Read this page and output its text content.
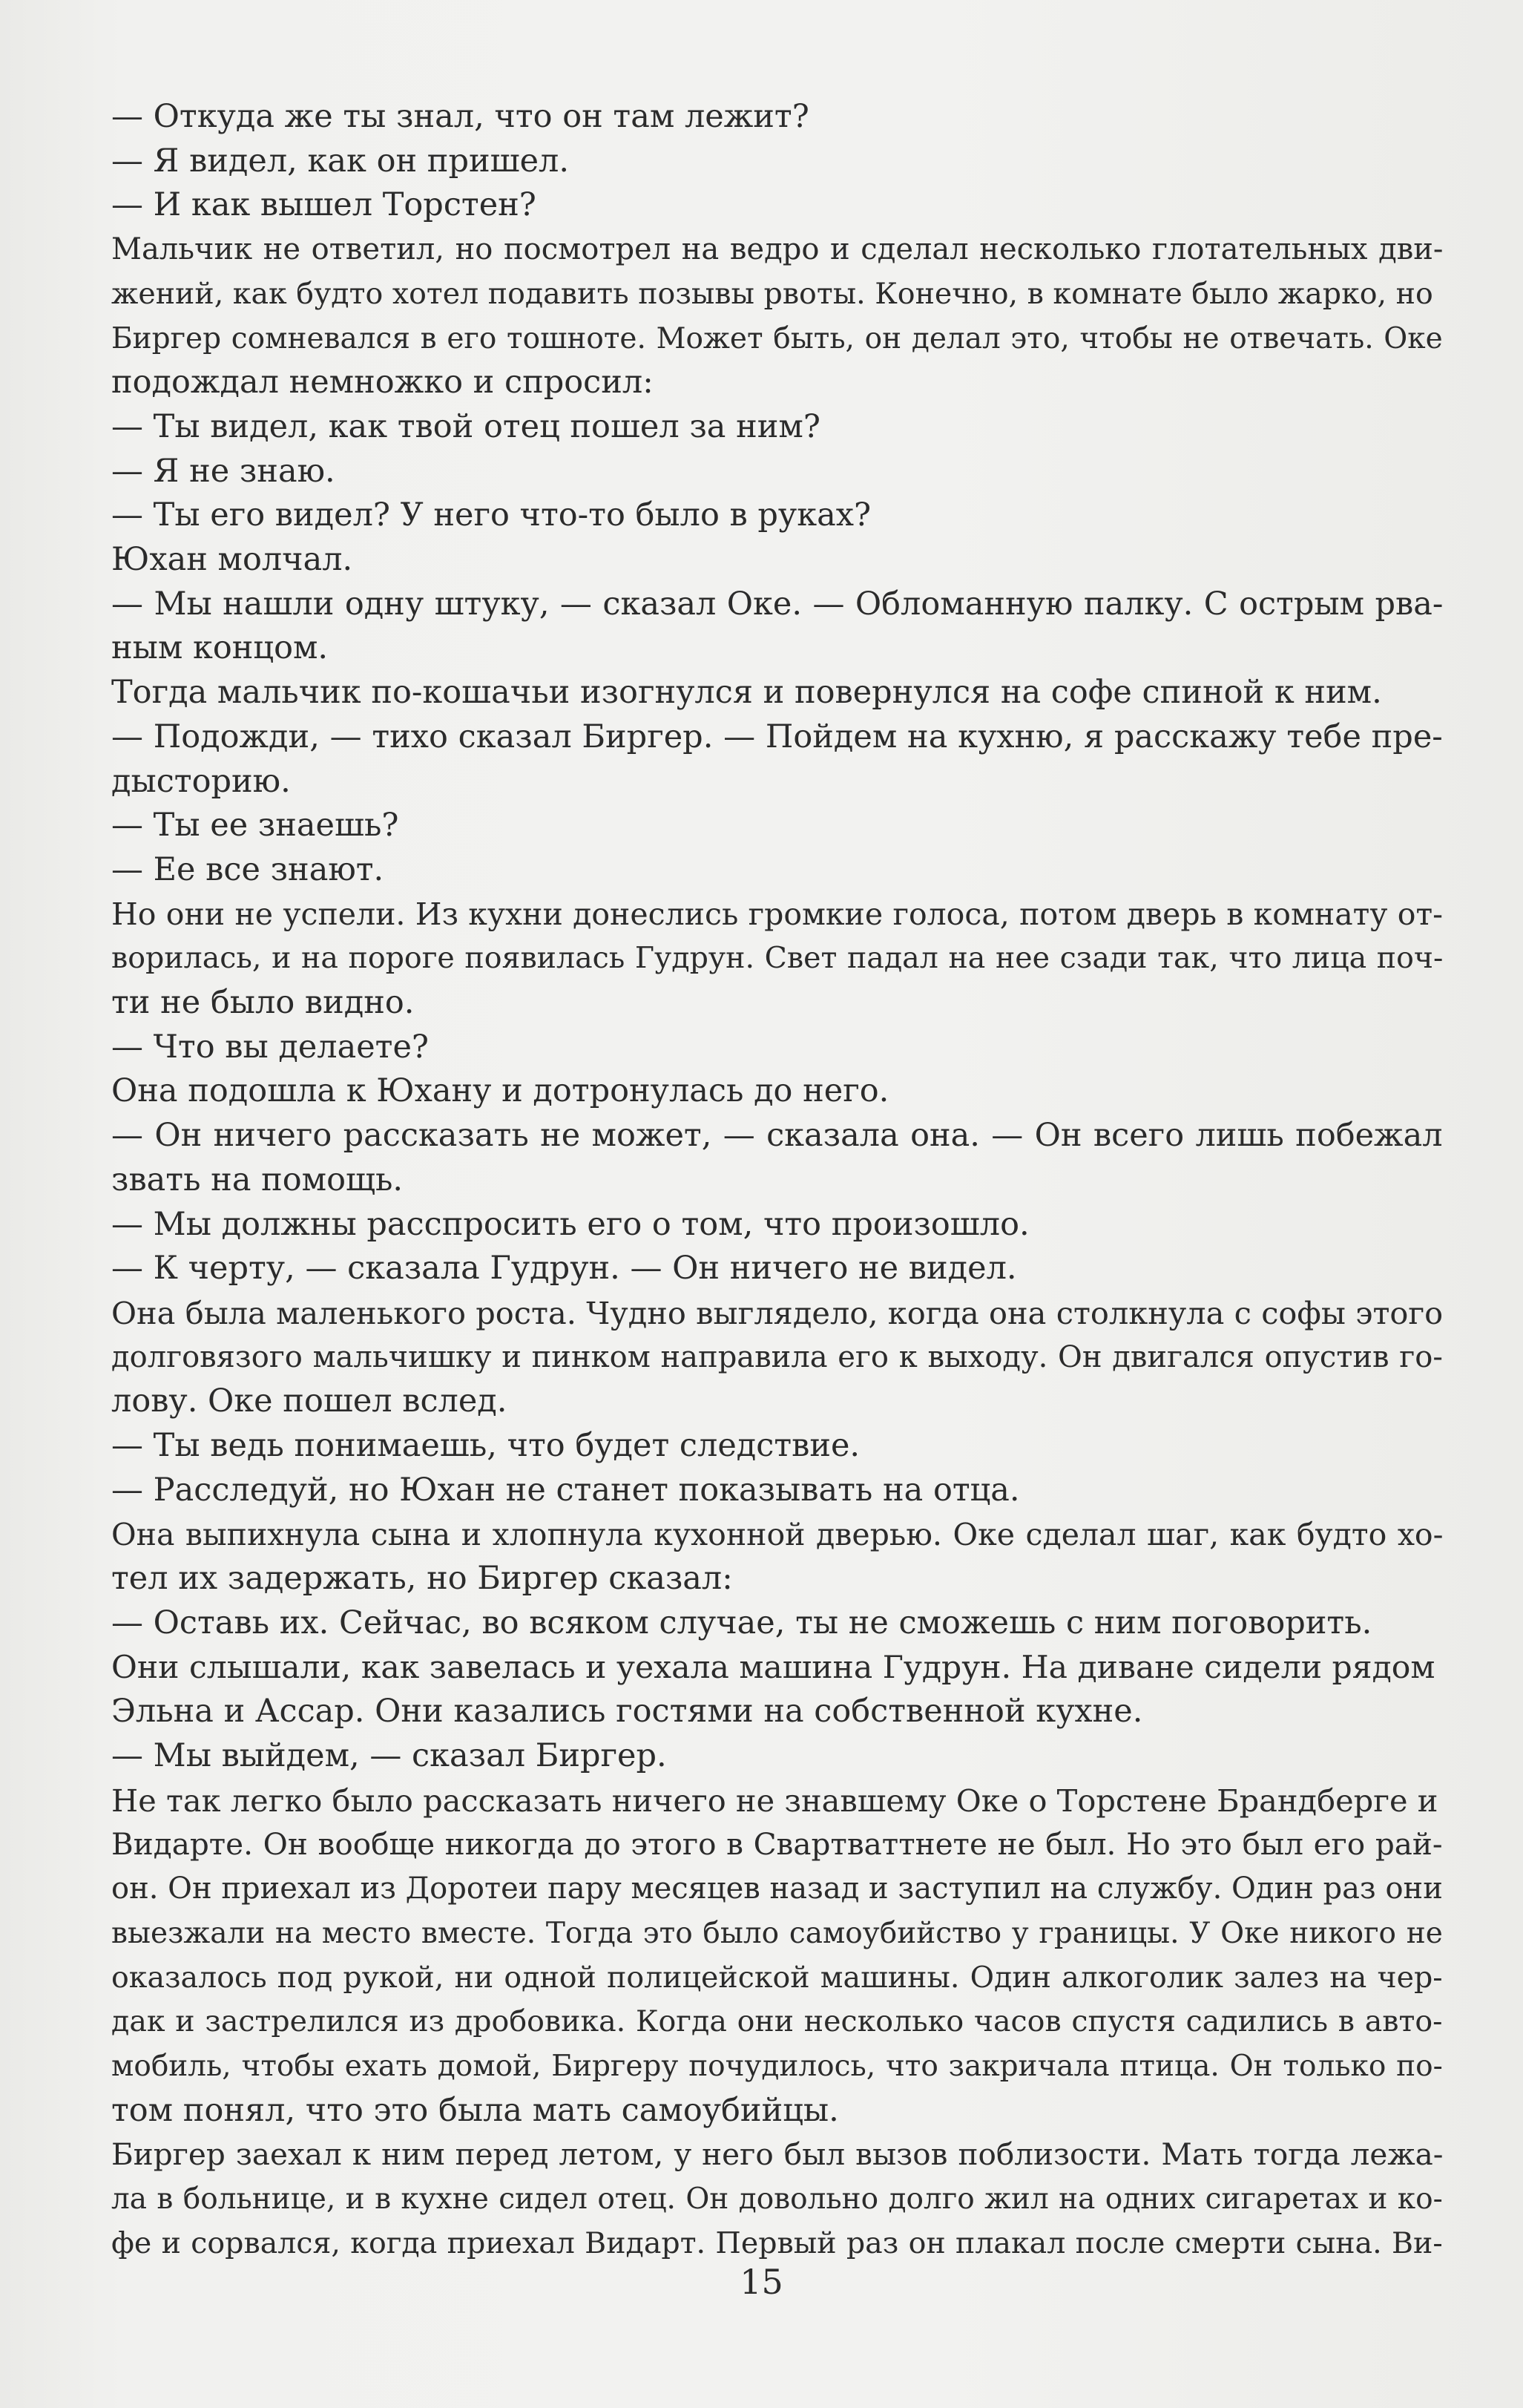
— Откуда же ты знал, что он там лежит?

— Я видел, как он пришел.

— И как вышел Торстен?

Мальчик не ответил, но посмотрел на ведро и сделал несколько глотательных дви-

жений, как будто хотел подавить позывы рвоты. Конечно, в комнате было жарко, но

Биргер сомневался в его тошноте. Может быть, он делал это, чтобы не отвечать. Оке

подождал немножко и спросил:

— Ты видел, как твой отец пошел за ним?

— Я не знаю.

— Ты его видел? У него что-то было в руках?

Юхан молчал.

— Мы нашли одну штуку, — сказал Оке. — Обломанную палку. С острым рва-

ным концом.

Тогда мальчик по-кошачьи изогнулся и повернулся на софе спиной к ним.

— Подожди, — тихо сказал Биргер. — Пойдем на кухню, я расскажу тебе пре-

дысторию.

— Ты ее знаешь?

— Ее все знают.

Но они не успели. Из кухни донеслись громкие голоса, потом дверь в комнату от-

ворилась, и на пороге появилась Гудрун. Свет падал на нее сзади так, что лица поч-

ти не было видно.

— Что вы делаете?

Она подошла к Юхану и дотронулась до него.

— Он ничего рассказать не может, — сказала она. — Он всего лишь побежал

звать на помощь.

— Мы должны расспросить его о том, что произошло.

— К черту, — сказала Гудрун. — Он ничего не видел.

Она была маленького роста. Чудно выглядело, когда она столкнула с софы этого

долговязого мальчишку и пинком направила его к выходу. Он двигался опустив го-

лову. Оке пошел вслед.

— Ты ведь понимаешь, что будет следствие.

— Расследуй, но Юхан не станет показывать на отца.

Она выпихнула сына и хлопнула кухонной дверью. Оке сделал шаг, как будто хо-

тел их задержать, но Биргер сказал:

— Оставь их. Сейчас, во всяком случае, ты не сможешь с ним поговорить.

Они слышали, как завелась и уехала машина Гудрун. На диване сидели рядом

Эльна и Ассар. Они казались гостями на собственной кухне.

— Мы выйдем, — сказал Биргер.

Не так легко было рассказать ничего не знавшему Оке о Торстене Брандберге и

Видарте. Он вообще никогда до этого в Свартваттнете не был. Но это был его рай-

он. Он приехал из Доротеи пару месяцев назад и заступил на службу. Один раз они

выезжали на место вместе. Тогда это было самоубийство у границы. У Оке никого не

оказалось под рукой, ни одной полицейской машины. Один алкоголик залез на чер-

дак и застрелился из дробовика. Когда они несколько часов спустя садились в авто-

мобиль, чтобы ехать домой, Биргеру почудилось, что закричала птица. Он только по-

том понял, что это была мать самоубийцы.

Биргер заехал к ним перед летом, у него был вызов поблизости. Мать тогда лежа-

ла в больнице, и в кухне сидел отец. Он довольно долго жил на одних сигаретах и ко-

фе и сорвался, когда приехал Видарт. Первый раз он плакал после смерти сына. Ви-

15
